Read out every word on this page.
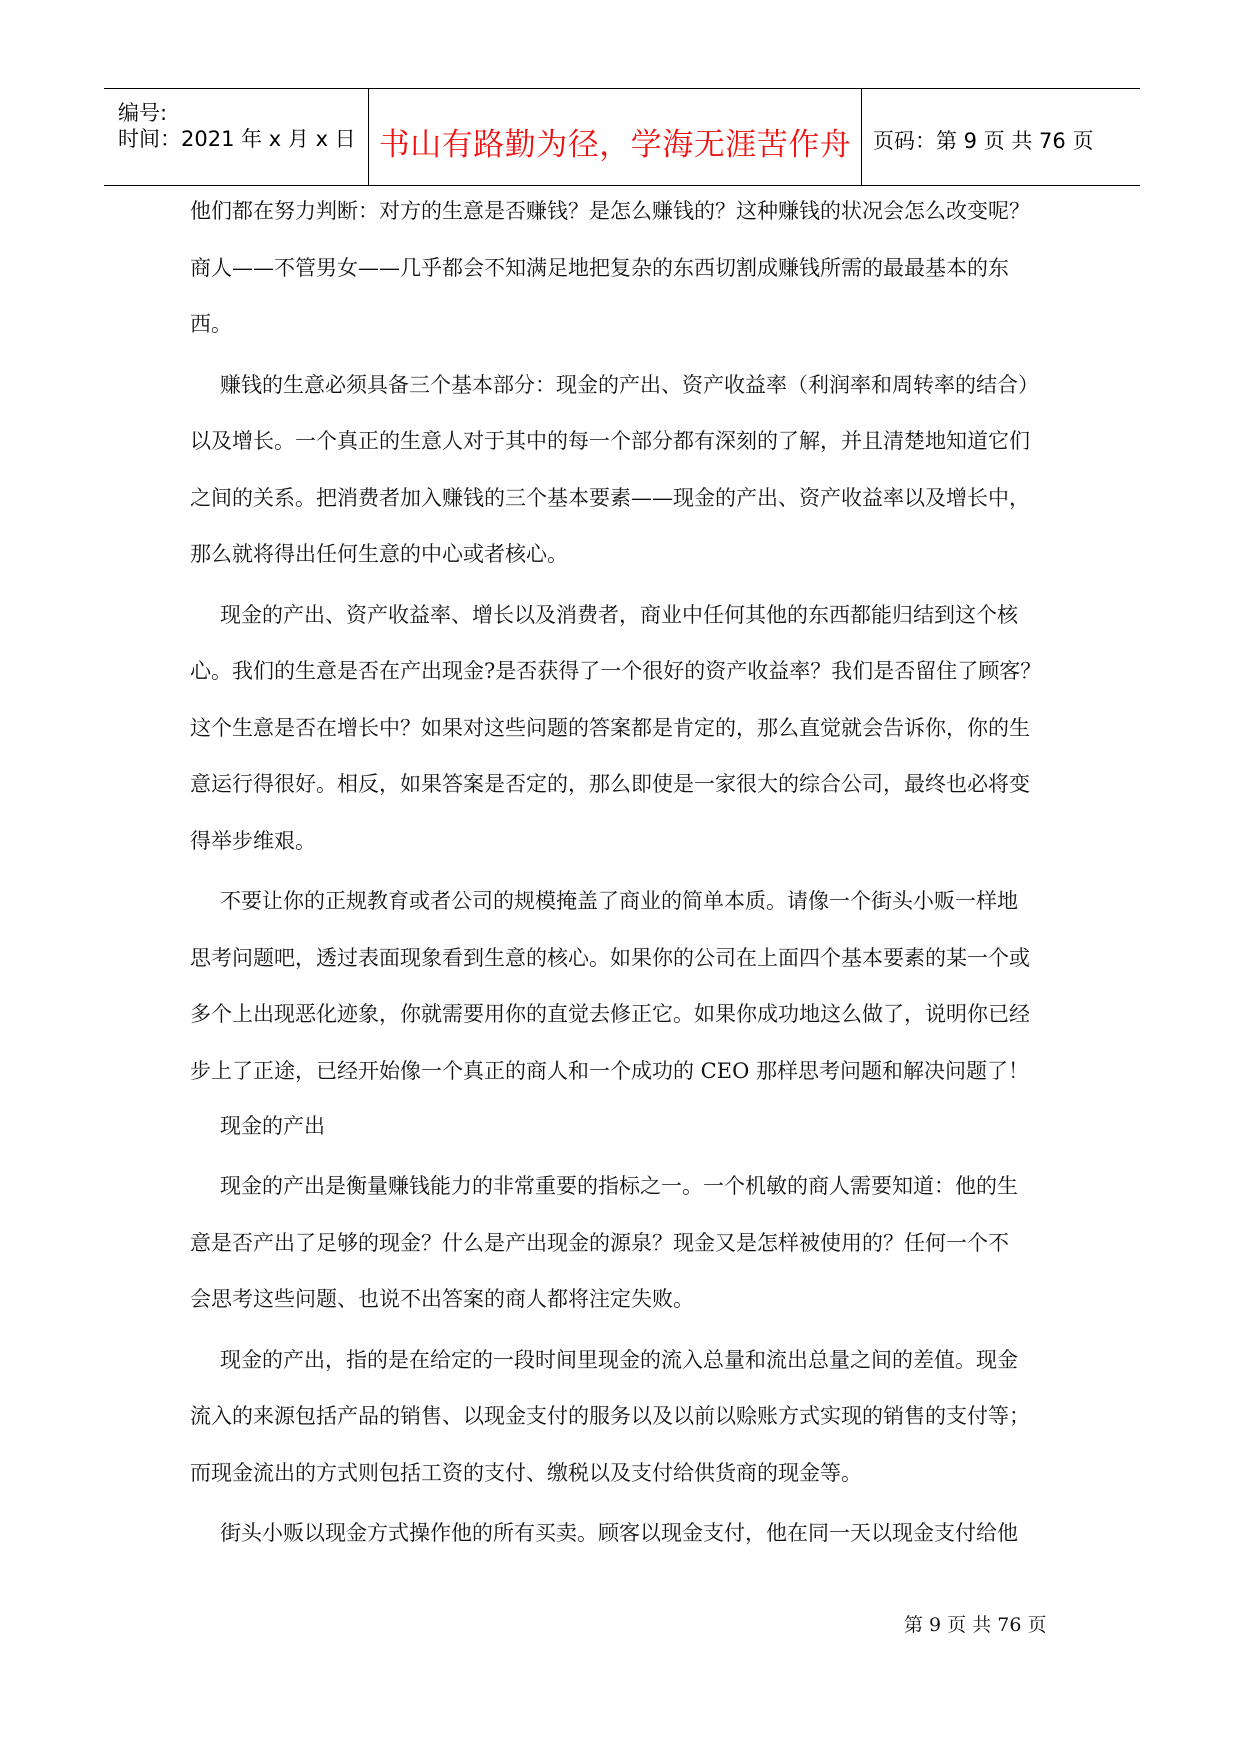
编号:
时间：2021 年 x 月 x 日 书山有路勤为径，学海无涯苦作舟	页码：第 9 页 共 76 页
他们都在努力判断：对方的生意是否赚钱？是怎么赚钱的？这种赚钱的状况会怎么改变呢？
商人——不管男女——几乎都会不知满足地把复杂的东西切割成赚钱所需的最最基本的东
西。
赚钱的生意必须具备三个基本部分：现金的产出、资产收益率（利润率和周转率的结合）
以及增长。一个真正的生意人对于其中的每一个部分都有深刻的了解，并且清楚地知道它们
之间的关系。把消费者加入赚钱的三个基本要素——现金的产出、资产收益率以及增长中，
那么就将得出任何生意的中心或者核心。
现金的产出、资产收益率、增长以及消费者，商业中任何其他的东西都能归结到这个核
心。我们的生意是否在产出现金?是否获得了一个很好的资产收益率？我们是否留住了顾客？
这个生意是否在增长中？如果对这些问题的答案都是肯定的，那么直觉就会告诉你，你的生
意运行得很好。相反，如果答案是否定的，那么即使是一家很大的综合公司，最终也必将变
得举步维艰。
不要让你的正规教育或者公司的规模掩盖了商业的简单本质。请像一个街头小贩一样地
思考问题吧，透过表面现象看到生意的核心。如果你的公司在上面四个基本要素的某一个或
多个上出现恶化迹象，你就需要用你的直觉去修正它。如果你成功地这么做了，说明你已经
步上了正途，已经开始像一个真正的商人和一个成功的 CEO 那样思考问题和解决问题了！
现金的产出
现金的产出是衡量赚钱能力的非常重要的指标之一。一个机敏的商人需要知道：他的生
意是否产出了足够的现金？什么是产出现金的源泉？现金又是怎样被使用的？任何一个不
会思考这些问题、也说不出答案的商人都将注定失败。
现金的产出，指的是在给定的一段时间里现金的流入总量和流出总量之间的差值。现金
流入的来源包括产品的销售、以现金支付的服务以及以前以赊账方式实现的销售的支付等；
而现金流出的方式则包括工资的支付、缴税以及支付给供货商的现金等。
街头小贩以现金方式操作他的所有买卖。顾客以现金支付，他在同一天以现金支付给他
第 9 页 共 76 页
